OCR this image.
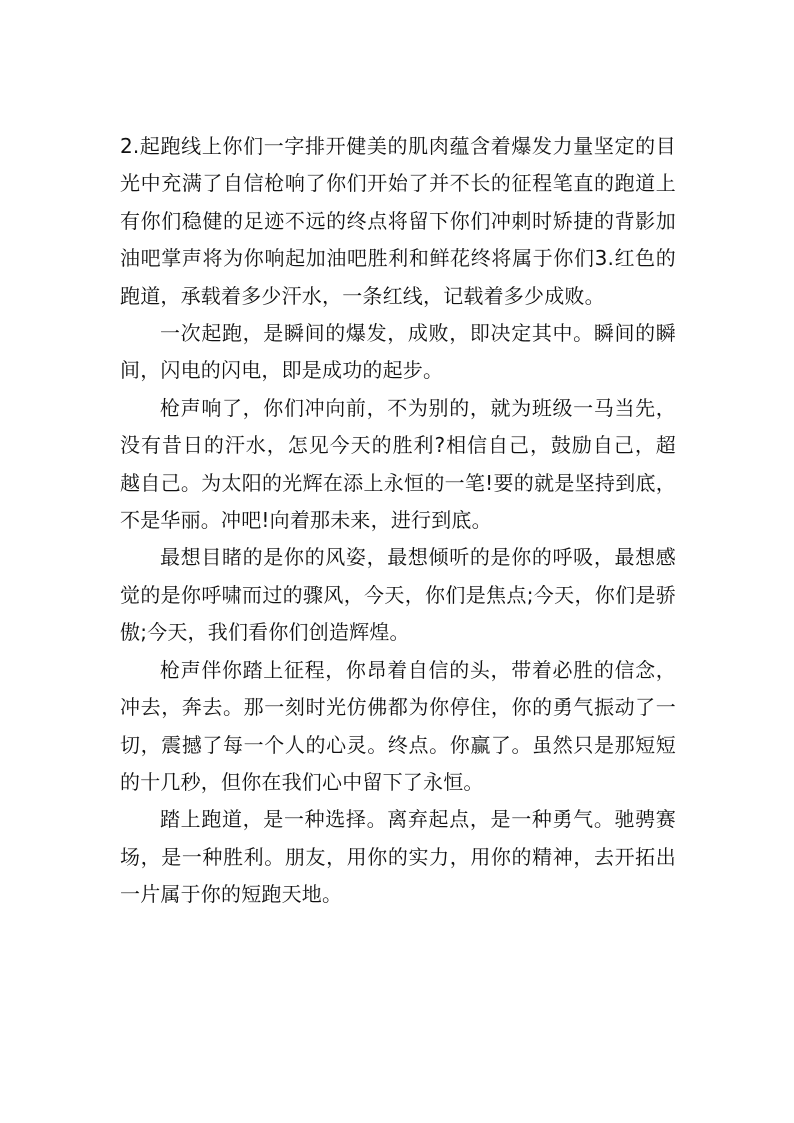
2.起跑线上你们一字排开健美的肌肉蕴含着爆发力量坚定的目光中充满了自信枪响了你们开始了并不长的征程笔直的跑道上有你们稳健的足迹不远的终点将留下你们冲刺时矫捷的背影加油吧掌声将为你响起加油吧胜利和鲜花终将属于你们3.红色的跑道，承载着多少汗水，一条红线，记载着多少成败。

一次起跑，是瞬间的爆发，成败，即决定其中。瞬间的瞬间，闪电的闪电，即是成功的起步。

枪声响了，你们冲向前，不为别的，就为班级一马当先，没有昔日的汗水，怎见今天的胜利?相信自己，鼓励自己，超越自己。为太阳的光辉在添上永恒的一笔!要的就是坚持到底，不是华丽。冲吧!向着那未来，进行到底。

最想目睹的是你的风姿，最想倾听的是你的呼吸，最想感觉的是你呼啸而过的骤风，今天，你们是焦点;今天，你们是骄傲;今天，我们看你们创造辉煌。

枪声伴你踏上征程，你昂着自信的头，带着必胜的信念，冲去，奔去。那一刻时光仿佛都为你停住，你的勇气振动了一切，震撼了每一个人的心灵。终点。你赢了。虽然只是那短短的十几秒，但你在我们心中留下了永恒。

踏上跑道，是一种选择。离弃起点，是一种勇气。驰骋赛场，是一种胜利。朋友，用你的实力，用你的精神，去开拓出一片属于你的短跑天地。
